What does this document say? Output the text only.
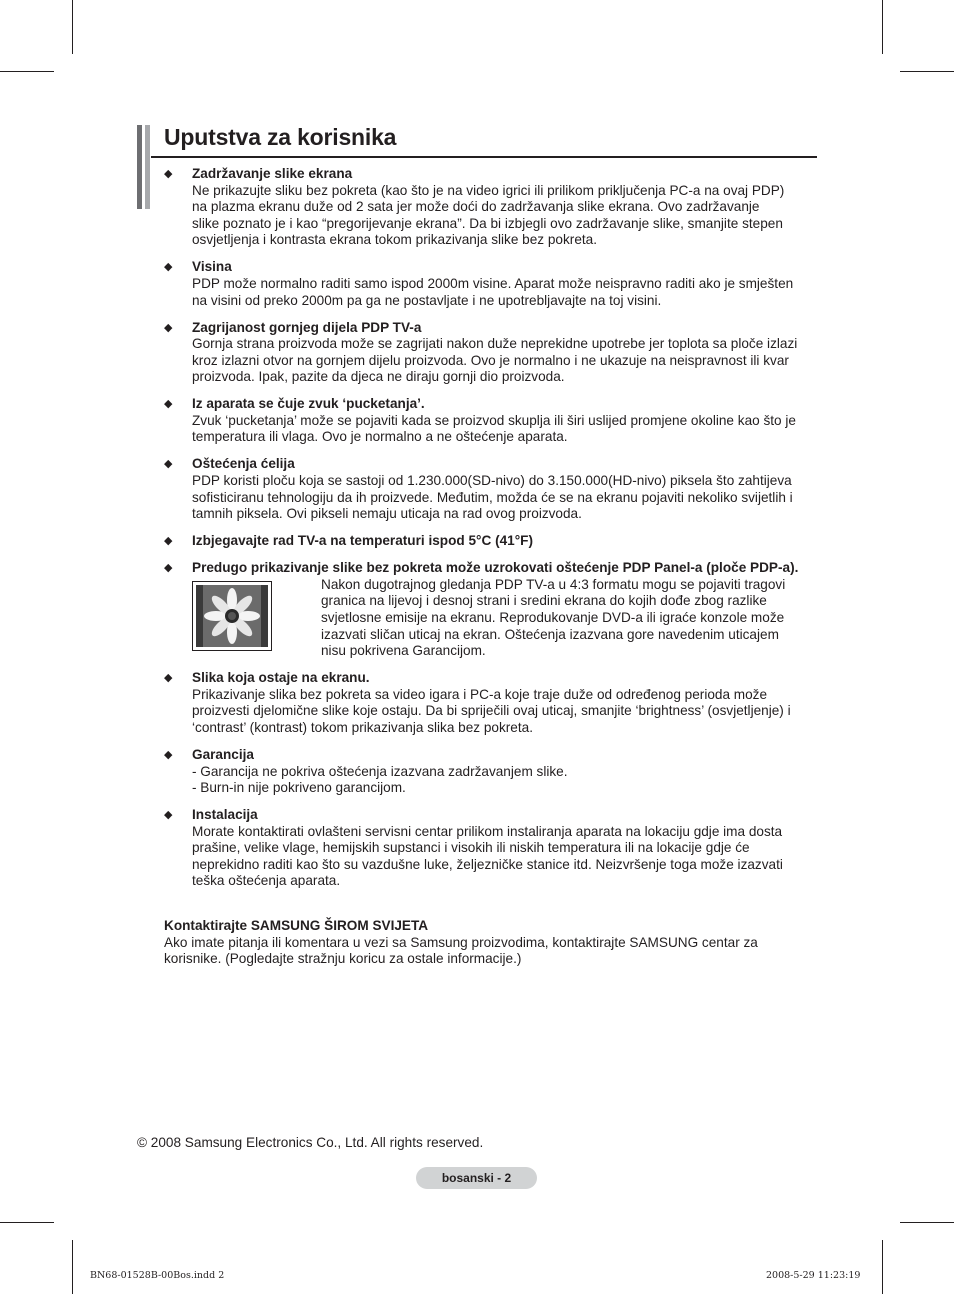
Uputstva za korisnika
◆ Zadržavanje slike ekrana
Ne prikazujte sliku bez pokreta (kao što je na video igrici ili prilikom priključenja PC-a na ovaj PDP)
na plazma ekranu duže od 2 sata jer može doći do zadržavanja slike ekrana. Ovo zadržavanje
slike poznato je i kao “pregorijevanje ekrana”. Da bi izbjegli ovo zadržavanje slike, smanjite stepen
osvjetljenja i kontrasta ekrana tokom prikazivanja slike bez pokreta.
◆ Visina
PDP može normalno raditi samo ispod 2000m visine. Aparat može neispravno raditi ako je smješten
na visini od preko 2000m pa ga ne postavljate i ne upotrebljavajte na toj visini.
◆ Zagrijanost gornjeg dijela PDP TV-a
Gornja strana proizvoda može se zagrijati nakon duže neprekidne upotrebe jer toplota sa ploče izlazi
kroz izlazni otvor na gornjem dijelu proizvoda. Ovo je normalno i ne ukazuje na neispravnost ili kvar
proizvoda. Ipak, pazite da djeca ne diraju gornji dio proizvoda.
◆ Iz aparata se čuje zvuk ‘pucketanja’.
Zvuk ‘pucketanja’ može se pojaviti kada se proizvod skuplja ili širi uslijed promjene okoline kao što je
temperatura ili vlaga. Ovo je normalno a ne oštećenje aparata.
◆ Oštećenja ćelija
PDP koristi ploču koja se sastoji od 1.230.000(SD-nivo) do 3.150.000(HD-nivo) piksela što zahtijeva
sofisticiranu tehnologiju da ih proizvede. Međutim, možda će se na ekranu pojaviti nekoliko svijetlih i
tamnih piksela. Ovi pikseli nemaju uticaja na rad ovog proizvoda.
◆ Izbjegavajte rad TV-a na temperaturi ispod 5°C (41°F)
◆ Predugo prikazivanje slike bez pokreta može uzrokovati oštećenje PDP Panel-a (ploče PDP-a).
Nakon dugotrajnog gledanja PDP TV-a u 4:3 formatu mogu se pojaviti tragovi
granica na lijevoj i desnoj strani i sredini ekrana do kojih dođe zbog razlike
svjetlosne emisije na ekranu. Reprodukovanje DVD-a ili igraće konzole može
izazvati sličan uticaj na ekran. Oštećenja izazvana gore navedenim uticajem
nisu pokrivena Garancijom.
◆ Slika koja ostaje na ekranu.
Prikazivanje slika bez pokreta sa video igara i PC-a koje traje duže od određenog perioda može
proizvesti djelomične slike koje ostaju. Da bi spriječili ovaj uticaj, smanjite ‘brightness’ (osvjetljenje) i
‘contrast’ (kontrast) tokom prikazivanja slika bez pokreta.
◆ Garancija
- Garancija ne pokriva oštećenja izazvana zadržavanjem slike.
- Burn-in nije pokriveno garancijom.
◆ Instalacija
Morate kontaktirati ovlašteni servisni centar prilikom instaliranja aparata na lokaciju gdje ima dosta
prašine, velike vlage, hemijskih supstanci i visokih ili niskih temperatura ili na lokacije gdje će
neprekidno raditi kao što su vazdušne luke, željezničke stanice itd. Neizvršenje toga može izazvati
teška oštećenja aparata.
Kontaktirajte SAMSUNG ŠIROM SVIJETA
Ako imate pitanja ili komentara u vezi sa Samsung proizvodima, kontaktirajte SAMSUNG centar za
korisnike. (Pogledajte stražnju koricu za ostale informacije.)
© 2008 Samsung Electronics Co., Ltd. All rights reserved.
bosanski - 2
BN68-01528B-00Bos.indd 2	2008-5-29 11:23:19
